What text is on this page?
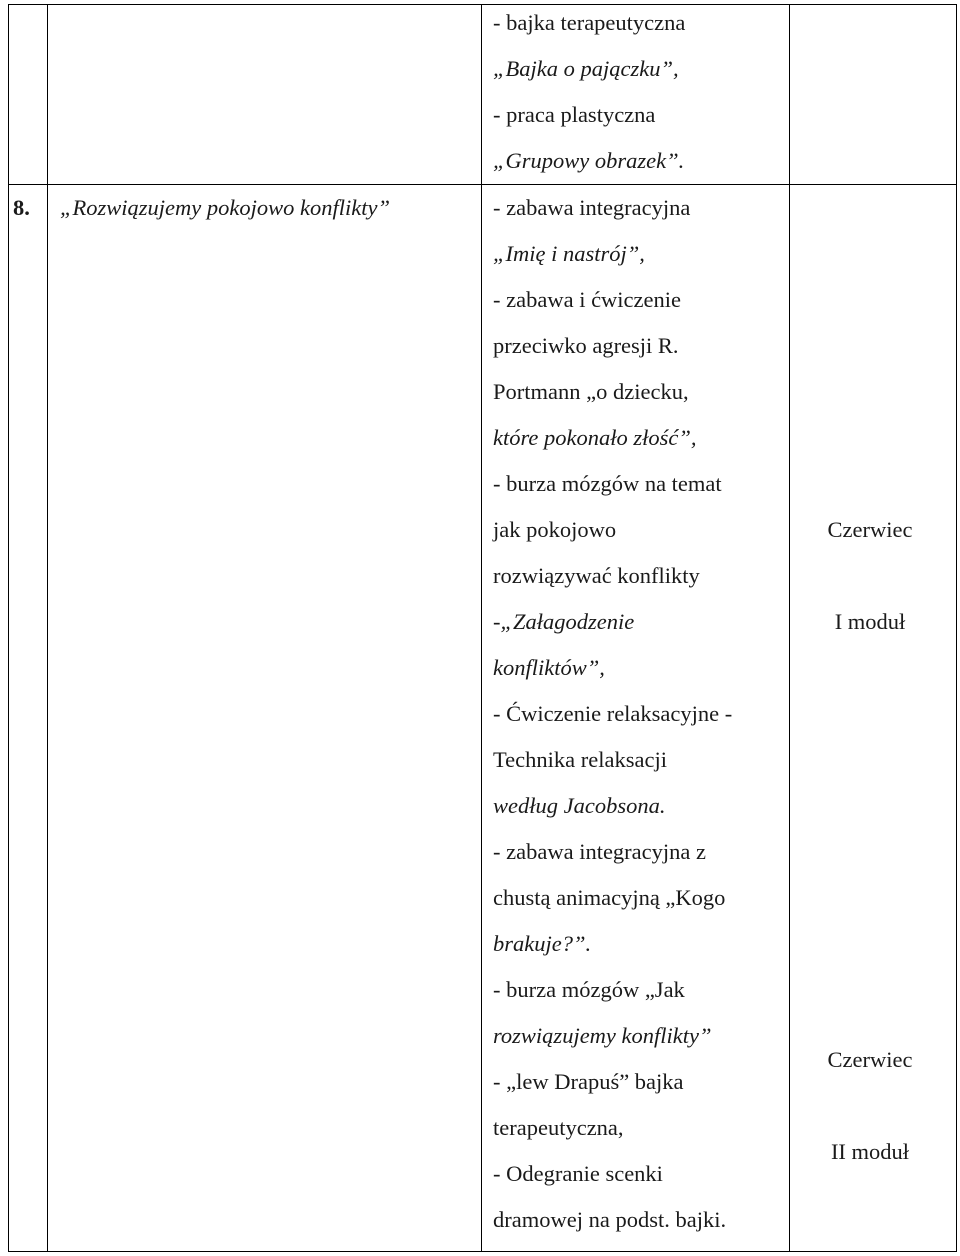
- bajka terapeutyczna
„Bajka o pajączku”,
- praca plastyczna
„Grupowy obrazek”.
8. „Rozwiązujemy pokojowo konflikty”	- zabawa integracyjna
„Imię i nastrój”,
- zabawa i ćwiczenie
przeciwko agresji R.
Portmann „o dziecku,
które pokonało złość”,
- burza mózgów na temat
jak pokojowo
rozwiązywać konflikty
-„Załagodzenie
konfliktów”,
- Ćwiczenie relaksacyjne -
Technika relaksacji
według Jacobsona.
- zabawa integracyjna z
chustą animacyjną „Kogo
brakuje?”.
- burza mózgów „Jak
rozwiązujemy konflikty”
- „lew Drapuś” bajka
terapeutyczna,
- Odegranie scenki
dramowej na podst. bajki.
Czerwiec
I moduł
Czerwiec
II moduł
